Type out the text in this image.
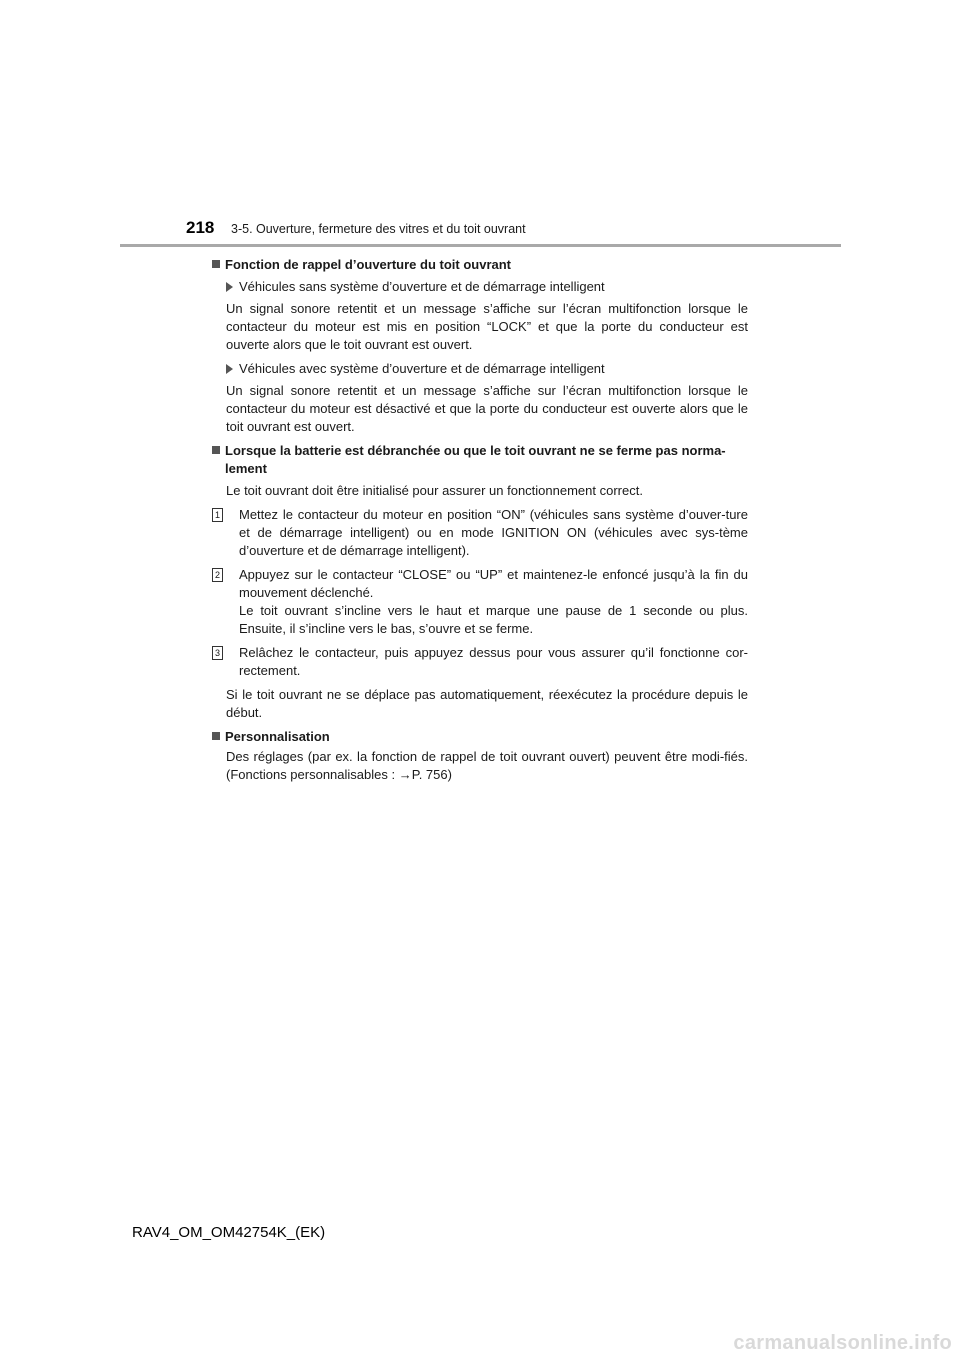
218 3-5. Ouverture, fermeture des vitres et du toit ouvrant
Fonction de rappel d’ouverture du toit ouvrant
Véhicules sans système d’ouverture et de démarrage intelligent
Un signal sonore retentit et un message s’affiche sur l’écran multifonction lorsque le contacteur du moteur est mis en position “LOCK” et que la porte du conducteur est ouverte alors que le toit ouvrant est ouvert.
Véhicules avec système d’ouverture et de démarrage intelligent
Un signal sonore retentit et un message s’affiche sur l’écran multifonction lorsque le contacteur du moteur est désactivé et que la porte du conducteur est ouverte alors que le toit ouvrant est ouvert.
Lorsque la batterie est débranchée ou que le toit ouvrant ne se ferme pas norma-lement
Le toit ouvrant doit être initialisé pour assurer un fonctionnement correct.
1 Mettez le contacteur du moteur en position “ON” (véhicules sans système d’ouver-ture et de démarrage intelligent) ou en mode IGNITION ON (véhicules avec sys-tème d’ouverture et de démarrage intelligent).
2 Appuyez sur le contacteur “CLOSE” ou “UP” et maintenez-le enfoncé jusqu’à la fin du mouvement déclenché.
Le toit ouvrant s’incline vers le haut et marque une pause de 1 seconde ou plus. Ensuite, il s’incline vers le bas, s’ouvre et se ferme.
3 Relâchez le contacteur, puis appuyez dessus pour vous assurer qu’il fonctionne cor-rectement.
Si le toit ouvrant ne se déplace pas automatiquement, réexécutez la procédure depuis le début.
Personnalisation
Des réglages (par ex. la fonction de rappel de toit ouvrant ouvert) peuvent être modi-fiés. (Fonctions personnalisables : →P. 756)
RAV4_OM_OM42754K_(EK)
carmanualsonline.info
